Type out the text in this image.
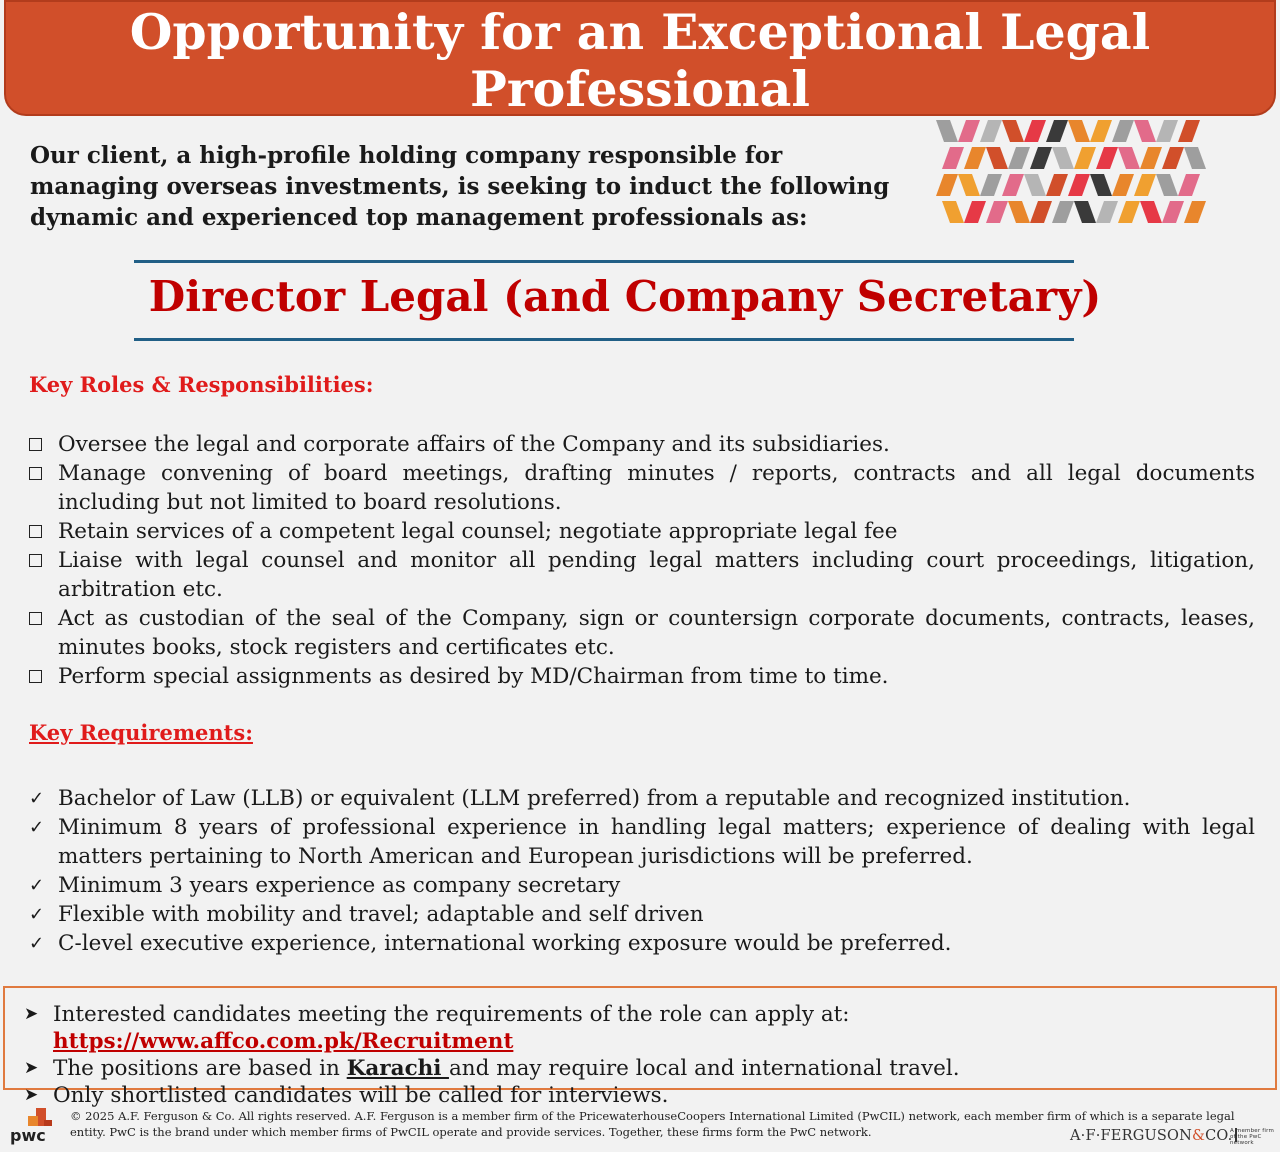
Opportunity for an Exceptional Legal
Professional
Our client, a high-profile holding company responsible for
managing overseas investments, is seeking to induct the following
dynamic and experienced top management professionals as:
Director Legal (and Company Secretary)
Key Roles & Responsibilities:
Oversee the legal and corporate affairs of the Company and its subsidiaries.
Manage convening of board meetings, drafting minutes / reports, contracts and all legal documents including but not limited to board resolutions.
Retain services of a competent legal counsel; negotiate appropriate legal fee
Liaise with legal counsel and monitor all pending legal matters including court proceedings, litigation, arbitration etc.
Act as custodian of the seal of the Company, sign or countersign corporate documents, contracts, leases, minutes books, stock registers and certificates etc.
Perform special assignments as desired by MD/Chairman from time to time.
Key Requirements:
✓ Bachelor of Law (LLB) or equivalent (LLM preferred) from a reputable and recognized institution.
✓ Minimum 8 years of professional experience in handling legal matters; experience of dealing with legal matters pertaining to North American and European jurisdictions will be preferred.
✓ Minimum 3 years experience as company secretary
✓ Flexible with mobility and travel; adaptable and self driven
✓ C-level executive experience, international working exposure would be preferred.
➤ Interested candidates meeting the requirements of the role can apply at: https://www.affco.com.pk/Recruitment
➤ The positions are based in Karachi and may require local and international travel.
➤ Only shortlisted candidates will be called for interviews.
pwc
© 2025 A.F. Ferguson & Co. All rights reserved. A.F. Ferguson is a member firm of the PricewaterhouseCoopers International Limited (PwCIL) network, each member firm of which is a separate legal entity. PwC is the brand under which member firms of PwCIL operate and provide services. Together, these firms form the PwC network.	A·F·FERGUSON&CO.
A member firm of the PwC network
